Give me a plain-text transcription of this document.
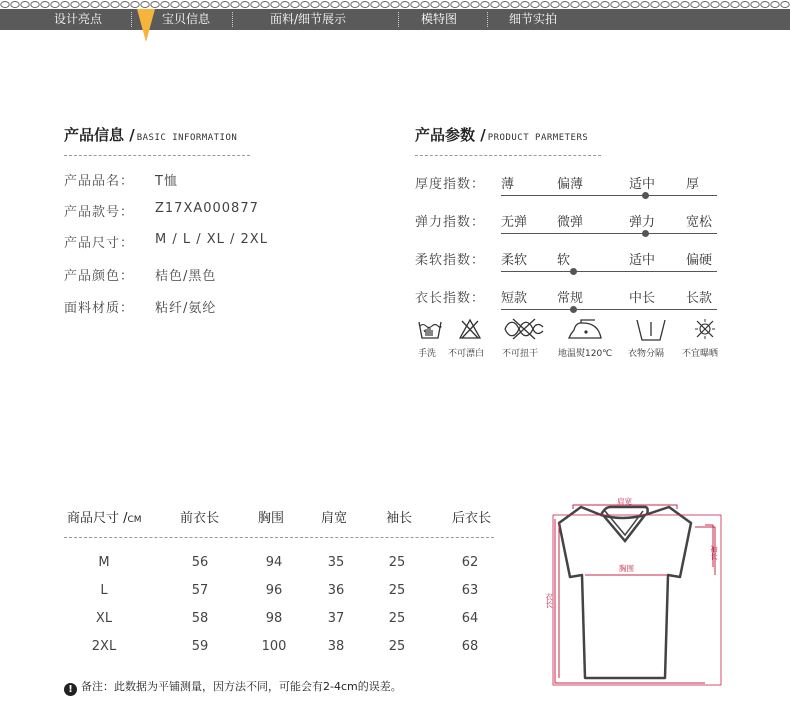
设计亮点	宝贝信息	面料/细节展示	模特图	细节实拍
产品信息 / BASIC INFORMATION
产品品名： T恤
产品款号： Z17XA000877
产品尺寸： M / L / XL / 2XL
产品颜色： 桔色/黑色
面料材质： 粘纤/氨纶
产品参数 / PRODUCT PARMETERS
厚度指数： 薄	偏薄	适中 厚
弹力指数： 无弹 微弹	弹力 宽松
柔软指数： 柔软 软	适中 偏硬
衣长指数： 短款 常规	中长 长款
手洗 不可漂白 不可扭干 地温熨120℃ 衣物分隔 不宜曝晒
商品尺寸 /CM	前衣长	胸围	肩宽	袖长	后衣长
M	56	94	35	25	62
L	57	96	36	25	63
XL	58	98	37	25	64
2XL	59	100	38	25	68
肩宽
胸围
袖长
衣长
! 备注：此数据为平铺测量，因方法不同，可能会有2-4cm的误差。
